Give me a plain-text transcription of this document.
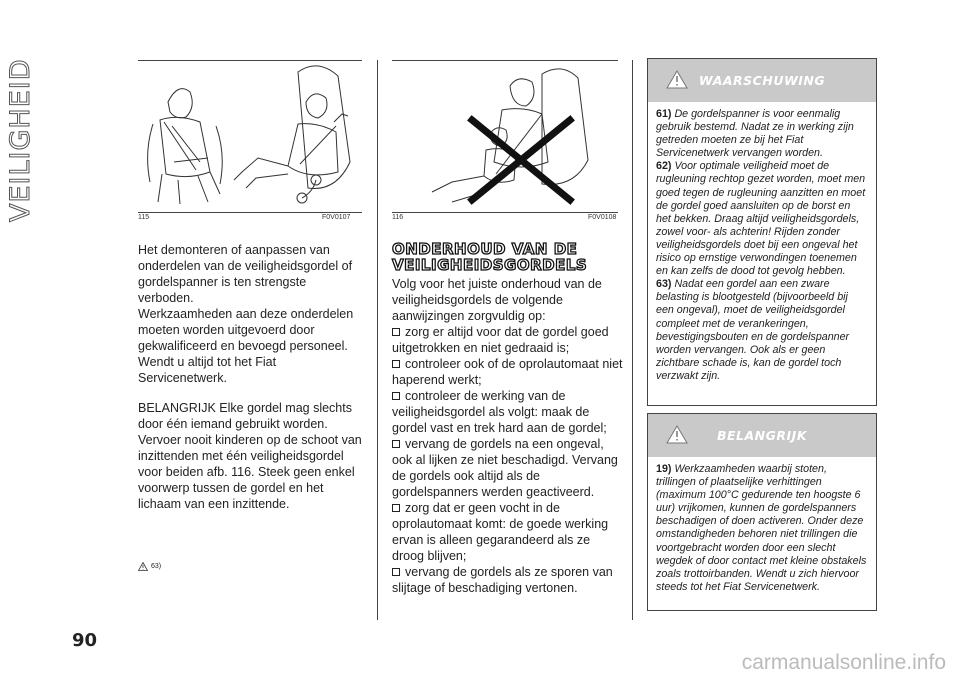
VEILIGHEID	115	F0V0107

Het demonteren of aanpassen van onderdelen van de veiligheidsgordel of gordelspanner is ten strengste verboden.

Werkzaamheden aan deze onderdelen moeten worden uitgevoerd door gekwalificeerd en bevoegd personeel. Wendt u altijd tot het Fiat Servicenetwerk.

BELANGRIJK Elke gordel mag slechts door één iemand gebruikt worden. Vervoer nooit kinderen op de schoot van inzittenden met één veiligheidsgordel voor beiden afb. 116. Steek geen enkel voorwerp tussen de gordel en het lichaam van een inzittende.

63)
116	F0V0108
ONDERHOUD VAN DE
VEILIGHEIDSGORDELS

Volg voor het juiste onderhoud van de veiligheidsgordels de volgende aanwijzingen zorgvuldig op:

zorg er altijd voor dat de gordel goed uitgetrokken en niet gedraaid is;
controleer ook of de oprolautomaat niet haperend werkt;
controleer de werking van de veiligheidsgordel als volgt: maak de gordel vast en trek hard aan de gordel;
vervang de gordels na een ongeval, ook al lijken ze niet beschadigd. Vervang de gordels ook altijd als de gordelspanners werden geactiveerd.
zorg dat er geen vocht in de oprolautomaat komt: de goede werking ervan is alleen gegarandeerd als ze droog blijven;
vervang de gordels als ze sporen van slijtage of beschadiging vertonen.
WAARSCHUWING

61) De gordelspanner is voor eenmalig gebruik bestemd. Nadat ze in werking zijn getreden moeten ze bij het Fiat Servicenetwerk vervangen worden.

62) Voor optimale veiligheid moet de rugleuning rechtop gezet worden, moet men goed tegen de rugleuning aanzitten en moet de gordel goed aansluiten op de borst en het bekken. Draag altijd veiligheidsgordels, zowel voor- als achterin! Rijden zonder veiligheidsgordels doet bij een ongeval het risico op ernstige verwondingen toenemen en kan zelfs de dood tot gevolg hebben.

63) Nadat een gordel aan een zware belasting is blootgesteld (bijvoorbeeld bij een ongeval), moet de veiligheidsgordel compleet met de verankeringen, bevestigingsbouten en de gordelspanner worden vervangen. Ook als er geen zichtbare schade is, kan de gordel toch verzwakt zijn.

BELANGRIJK

19) Werkzaamheden waarbij stoten, trillingen of plaatselijke verhittingen (maximum 100°C gedurende ten hoogste 6 uur) vrijkomen, kunnen de gordelspanners beschadigen of doen activeren. Onder deze omstandigheden behoren niet trillingen die voortgebracht worden door een slecht wegdek of door contact met kleine obstakels zoals trottoirbanden. Wendt u zich hiervoor steeds tot het Fiat Servicenetwerk.

90
carmanualsonline.info
